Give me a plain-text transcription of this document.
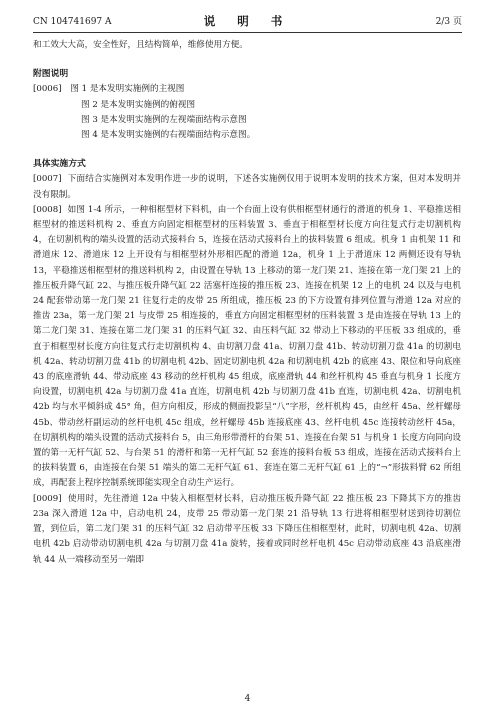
CN 104741697 A	说 明 书	2/3 页

和工效大大高，安全性好，且结构简单，维修使用方便。

附图说明

[0006] 图 1 是本发明实施例的主视图

图 2 是本发明实施例的俯视图

图 3 是本发明实施例的左视端面结构示意图

图 4 是本发明实施例的右视端面结构示意图。

具体实施方式

[0007] 下面结合实施例对本发明作进一步的说明，下述各实施例仅用于说明本发明的技术方案，但对本发明并没有限制。

[0008] 如图 1-4 所示，一种相框型材下料机，由一个台面上设有供相框型材通行的滑道的机身 1、平稳推送相框型材的推送料机构 2、垂直方向固定相框型材的压料装置 3、垂直于相框型材长度方向往复式行走切割机构 4，在切割机构的端头设置的活动式接料台 5，连接在活动式接料台上的拔料装置 6 组成。机身 1 由机架 11 和滑道床 12、滑道床 12 上开设有与相框型材外形相匹配的滑道 12a，机身 1 上于滑道床 12 两侧还设有导轨 13，平稳推送相框型材的推送料机构 2，由设置在导轨 13 上移动的第一龙门架 21、连接在第一龙门架 21 上的推压板升降气缸 22、与推压板升降气缸 22 活塞杆连接的推压板 23、连接在机架 12 上的电机 24 以及与电机 24 配套带动第一龙门架 21 往复行走的皮带 25 所组成，推压板 23 的下方设置有排列位置与滑道 12a 对应的推齿 23a，第一龙门架 21 与皮带 25 相连接的，垂直方向固定相框型材的压料装置 3 是由连接在导轨 13 上的第二龙门架 31、连接在第二龙门架 31 的压料气缸 32、由压料气缸 32 带动上下移动的平压板 33 组成的，垂直于相框型材长度方向往复式行走切割机构 4、由切割刀盘 41a、切割刀盘 41b、转动切割刀盘 41a 的切割电机 42a、转动切割刀盘 41b 的切割电机 42b、固定切割电机 42a 和切割电机 42b 的底座 43、限位和导向底座 43 的底座滑轨 44、带动底座 43 移动的丝杆机构 45 组成，底座滑轨 44 和丝杆机构 45 垂直与机身 1 长度方向设置，切割电机 42a 与切割刀盘 41a 直连，切割电机 42b 与切割刀盘 41b 直连，切割电机 42a、切割电机 42b 均与水平倾斜成 45° 角，但方向相反，形成的侧面投影呈“八”字形，丝杆机构 45，由丝杆 45a、丝杆螺母 45b、带动丝杆副运动的丝杆电机 45c 组成，丝杆螺母 45b 连接底座 43、丝杆电机 45c 连接转动丝杆 45a，在切割机构的端头设置的活动式接料台 5，由三角形带滑杆的台架 51、连接在台架 51 与机身 1 长度方向同向设置的第一无杆气缸 52、与台架 51 的滑杆和第一无杆气缸 52 套连的接料台板 53 组成，连接在活动式接料台上的拔料装置 6，由连接在台架 51 端头的第二无杆气缸 61、套连在第二无杆气缸 61 上的“¬”形拔料臂 62 所组成，再配套上程序控制系统即能实现全自动生产运行。

[0009] 使用时，先往滑道 12a 中装入相框型材长料，启动推压板升降气缸 22 推压板 23 下降其下方的推齿 23a 深入滑道 12a 中，启动电机 24，皮带 25 带动第一龙门架 21 沿导轨 13 行进将相框型材送到待切割位置，到位后，第二龙门架 31 的压料气缸 32 启动带平压板 33 下降压住相框型材，此时，切割电机 42a、切割电机 42b 启动带动切割电机 42a 与切割刀盘 41a 旋转，接着或同时丝杆电机 45c 启动带动底座 43 沿底座滑轨 44 从一端移动至另一端即

4
